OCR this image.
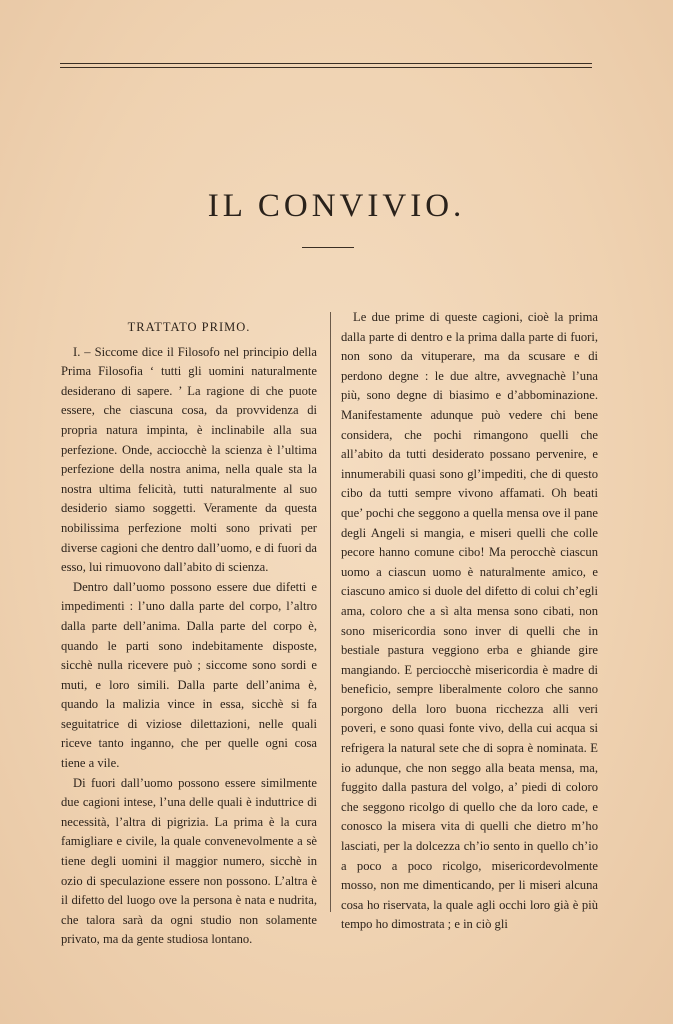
IL CONVIVIO.
TRATTATO PRIMO.

I. – Siccome dice il Filosofo nel principio della Prima Filosofia ‘ tutti gli uomini naturalmente desiderano di sapere. ’ La ragione di che puote essere, che ciascuna cosa, da provvidenza di propria natura impinta, è inclinabile alla sua perfezione. Onde, acciocchè la scienza è l’ultima perfezione della nostra anima, nella quale sta la nostra ultima felicità, tutti naturalmente al suo desiderio siamo soggetti. Veramente da questa nobilissima perfezione molti sono privati per diverse cagioni che dentro dall’uomo, e di fuori da esso, lui rimuovono dall’abito di scienza.

Dentro dall’uomo possono essere due difetti e impedimenti : l’uno dalla parte del corpo, l’altro dalla parte dell’anima. Dalla parte del corpo è, quando le parti sono indebitamente disposte, sicchè nulla ricevere può ; siccome sono sordi e muti, e loro simili. Dalla parte dell’anima è, quando la malizia vince in essa, sicchè si fa seguitatrice di viziose dilettazioni, nelle quali riceve tanto inganno, che per quelle ogni cosa tiene a vile.

Di fuori dall’uomo possono essere similmente due cagioni intese, l’una delle quali è induttrice di necessità, l’altra di pigrizia. La prima è la cura famigliare e civile, la quale convenevolmente a sè tiene degli uomini il maggior numero, sicchè in ozio di speculazione essere non possono. L’altra è il difetto del luogo ove la persona è nata e nudrita, che talora sarà da ogni studio non solamente privato, ma da gente studiosa lontano.

Le due prime di queste cagioni, cioè la prima dalla parte di dentro e la prima dalla parte di fuori, non sono da vituperare, ma da scusare e di perdono degne : le due altre, avvegnachè l’una più, sono degne di biasimo e d’abbominazione. Manifestamente adunque può vedere chi bene considera, che pochi rimangono quelli che all’abito da tutti desiderato possano pervenire, e innumerabili quasi sono gl’impediti, che di questo cibo da tutti sempre vivono affamati. Oh beati que’ pochi che seggono a quella mensa ove il pane degli Angeli si mangia, e miseri quelli che colle pecore hanno comune cibo! Ma perocchè ciascun uomo a ciascun uomo è naturalmente amico, e ciascuno amico si duole del difetto di colui ch’egli ama, coloro che a sì alta mensa sono cibati, non sono misericordia sono inver di quelli che in bestiale pastura veggiono erba e ghiande gire mangiando. E perciocchè misericordia è madre di beneficio, sempre liberalmente coloro che sanno porgono della loro buona ricchezza alli veri poveri, e sono quasi fonte vivo, della cui acqua si refrigera la natural sete che di sopra è nominata. E io adunque, che non seggo alla beata mensa, ma, fuggito dalla pastura del volgo, a’ piedi di coloro che seggono ricolgo di quello che da loro cade, e conosco la misera vita di quelli che dietro m’ho lasciati, per la dolcezza ch’io sento in quello ch’io a poco a poco ricolgo, misericordevolmente mosso, non me dimenticando, per li miseri alcuna cosa ho riservata, la quale agli occhi loro già è più tempo ho dimostrata ; e in ciò gli
